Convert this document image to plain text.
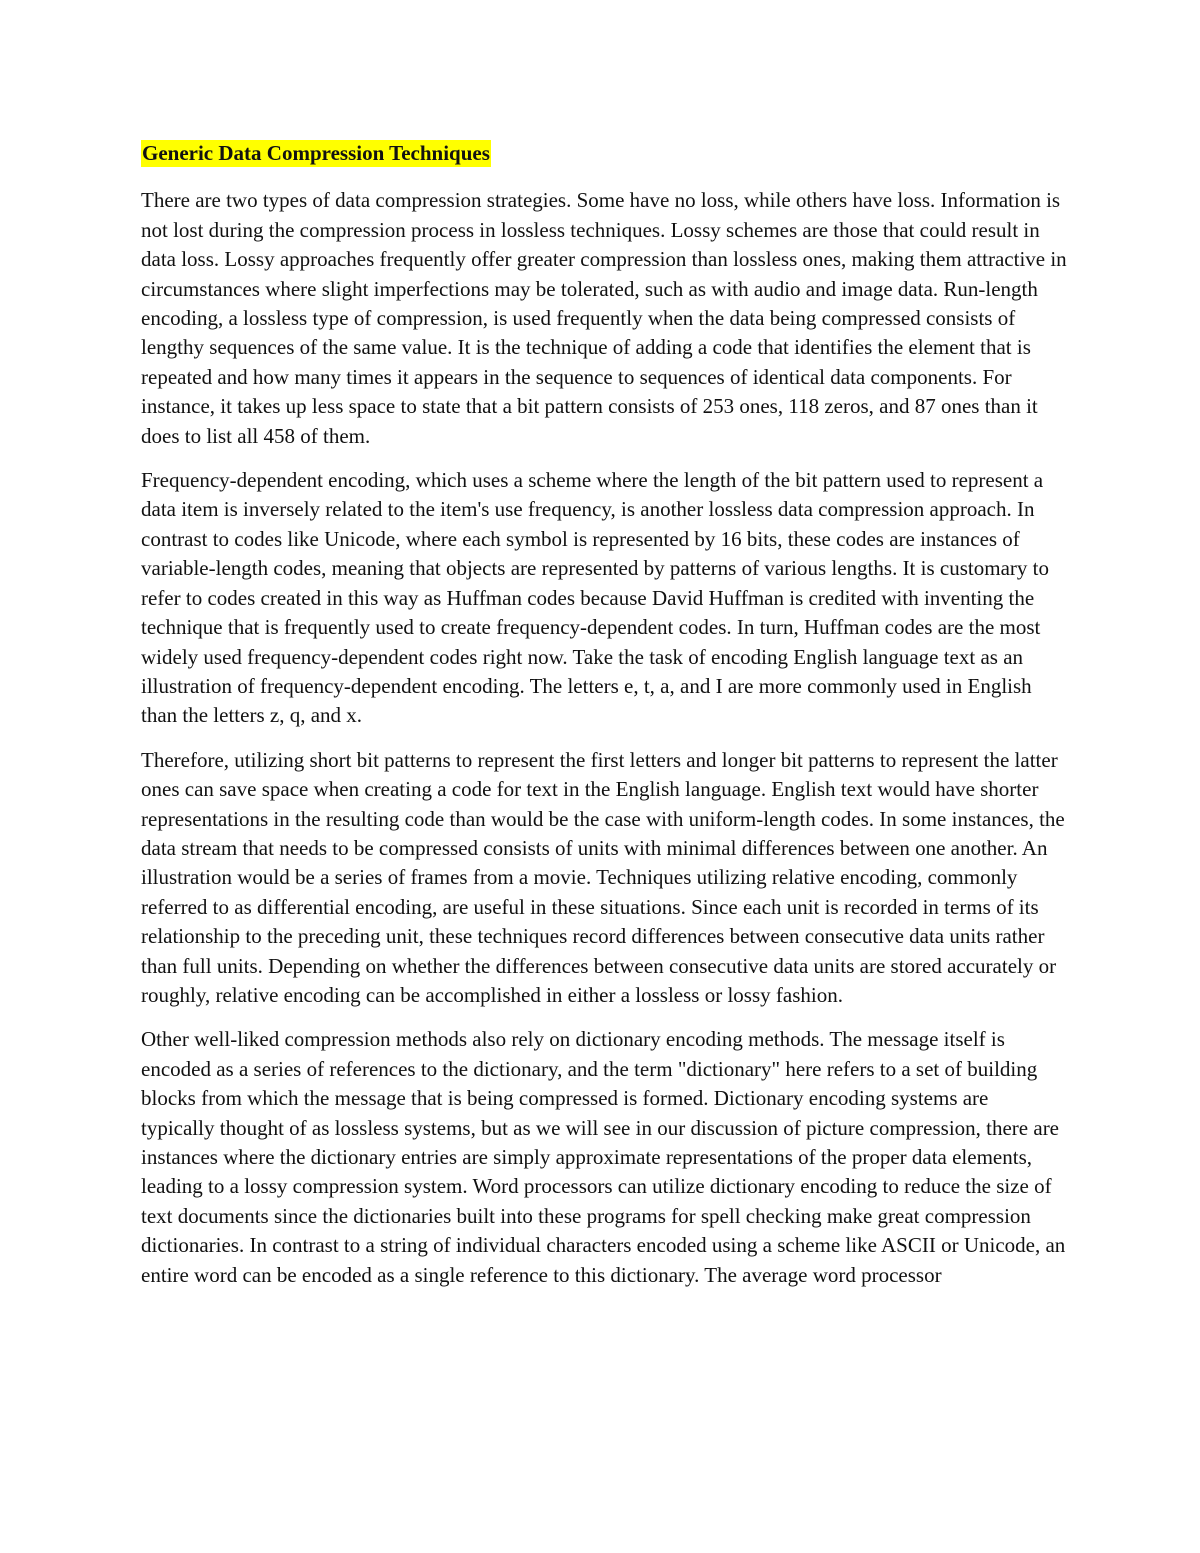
Generic Data Compression Techniques

There are two types of data compression strategies. Some have no loss, while others have loss. Information is not lost during the compression process in lossless techniques. Lossy schemes are those that could result in data loss. Lossy approaches frequently offer greater compression than lossless ones, making them attractive in circumstances where slight imperfections may be tolerated, such as with audio and image data. Run-length encoding, a lossless type of compression, is used frequently when the data being compressed consists of lengthy sequences of the same value. It is the technique of adding a code that identifies the element that is repeated and how many times it appears in the sequence to sequences of identical data components. For instance, it takes up less space to state that a bit pattern consists of 253 ones, 118 zeros, and 87 ones than it does to list all 458 of them.

Frequency-dependent encoding, which uses a scheme where the length of the bit pattern used to represent a data item is inversely related to the item's use frequency, is another lossless data compression approach. In contrast to codes like Unicode, where each symbol is represented by 16 bits, these codes are instances of variable-length codes, meaning that objects are represented by patterns of various lengths. It is customary to refer to codes created in this way as Huffman codes because David Huffman is credited with inventing the technique that is frequently used to create frequency-dependent codes. In turn, Huffman codes are the most widely used frequency-dependent codes right now. Take the task of encoding English language text as an illustration of frequency-dependent encoding. The letters e, t, a, and I are more commonly used in English than the letters z, q, and x.

Therefore, utilizing short bit patterns to represent the first letters and longer bit patterns to represent the latter ones can save space when creating a code for text in the English language. English text would have shorter representations in the resulting code than would be the case with uniform-length codes. In some instances, the data stream that needs to be compressed consists of units with minimal differences between one another. An illustration would be a series of frames from a movie. Techniques utilizing relative encoding, commonly referred to as differential encoding, are useful in these situations. Since each unit is recorded in terms of its relationship to the preceding unit, these techniques record differences between consecutive data units rather than full units. Depending on whether the differences between consecutive data units are stored accurately or roughly, relative encoding can be accomplished in either a lossless or lossy fashion.

Other well-liked compression methods also rely on dictionary encoding methods. The message itself is encoded as a series of references to the dictionary, and the term "dictionary" here refers to a set of building blocks from which the message that is being compressed is formed. Dictionary encoding systems are typically thought of as lossless systems, but as we will see in our discussion of picture compression, there are instances where the dictionary entries are simply approximate representations of the proper data elements, leading to a lossy compression system. Word processors can utilize dictionary encoding to reduce the size of text documents since the dictionaries built into these programs for spell checking make great compression dictionaries. In contrast to a string of individual characters encoded using a scheme like ASCII or Unicode, an entire word can be encoded as a single reference to this dictionary. The average word processor
